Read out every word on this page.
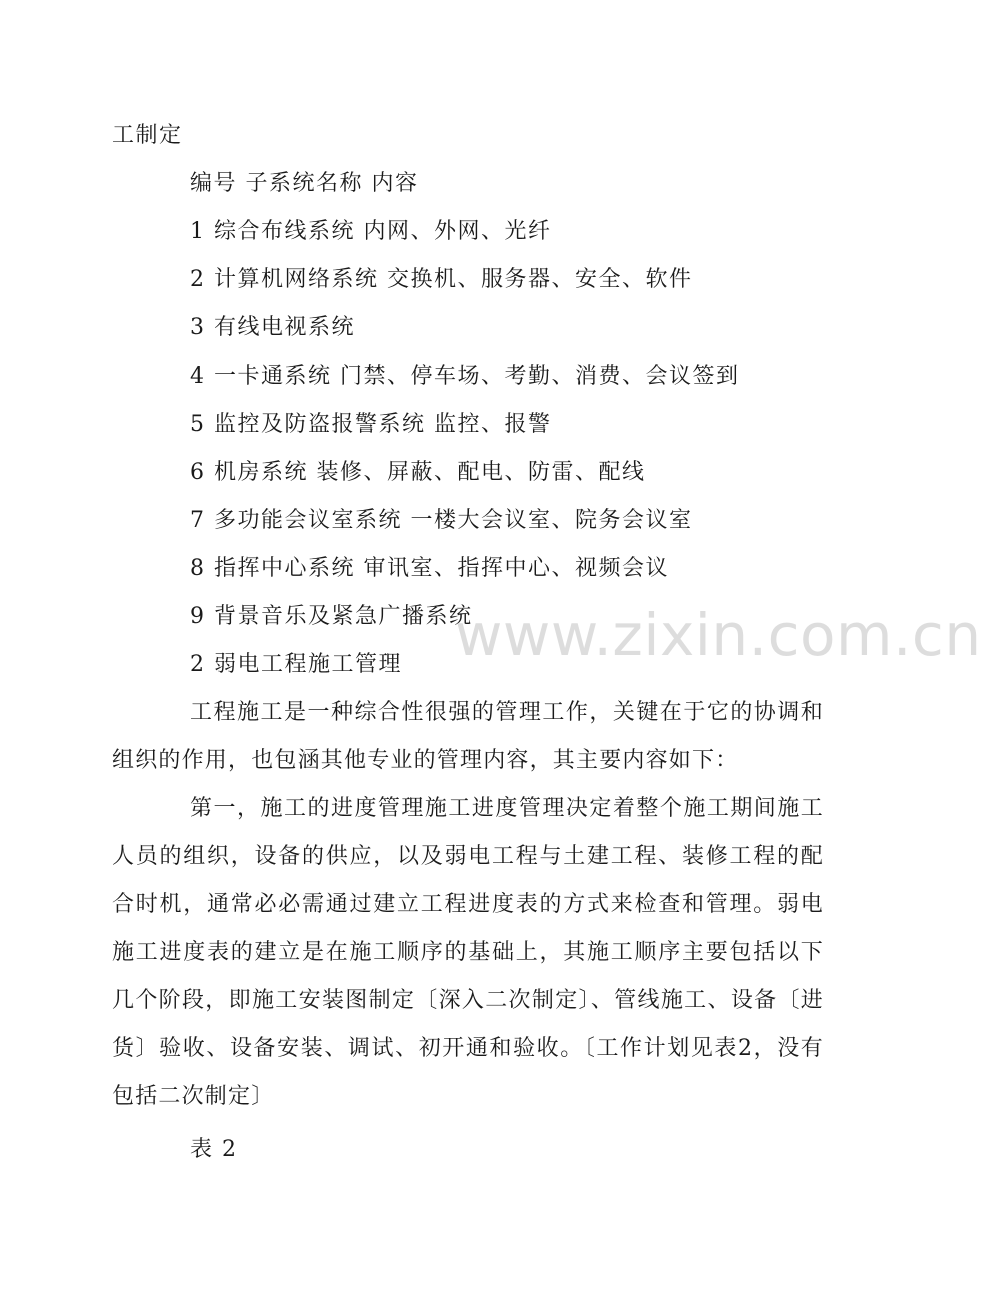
工制定
编号 子系统名称 内容
1 综合布线系统 内网、外网、光纤
2 计算机网络系统 交换机、服务器、安全、软件
3 有线电视系统
4 一卡通系统 门禁、停车场、考勤、消费、会议签到
5 监控及防盗报警系统 监控、报警
6 机房系统 装修、屏蔽、配电、防雷、配线
7 多功能会议室系统 一楼大会议室、院务会议室
8 指挥中心系统 审讯室、指挥中心、视频会议
9 背景音乐及紧急广播系统
2 弱电工程施工管理

工程施工是一种综合性很强的管理工作，关键在于它的协调和组织的作用，也包涵其他专业的管理内容，其主要内容如下：

第一，施工的进度管理施工进度管理决定着整个施工期间施工人员的组织，设备的供应，以及弱电工程与土建工程、装修工程的配合时机，通常必必需通过建立工程进度表的方式来检查和管理。弱电施工进度表的建立是在施工顺序的基础上，其施工顺序主要包括以下几个阶段，即施工安装图制定〔深入二次制定〕、管线施工、设备〔进货〕验收、设备安装、调试、初开通和验收。〔工作计划见表2，没有包括二次制定〕

表 2
www.zixin.com.cn
